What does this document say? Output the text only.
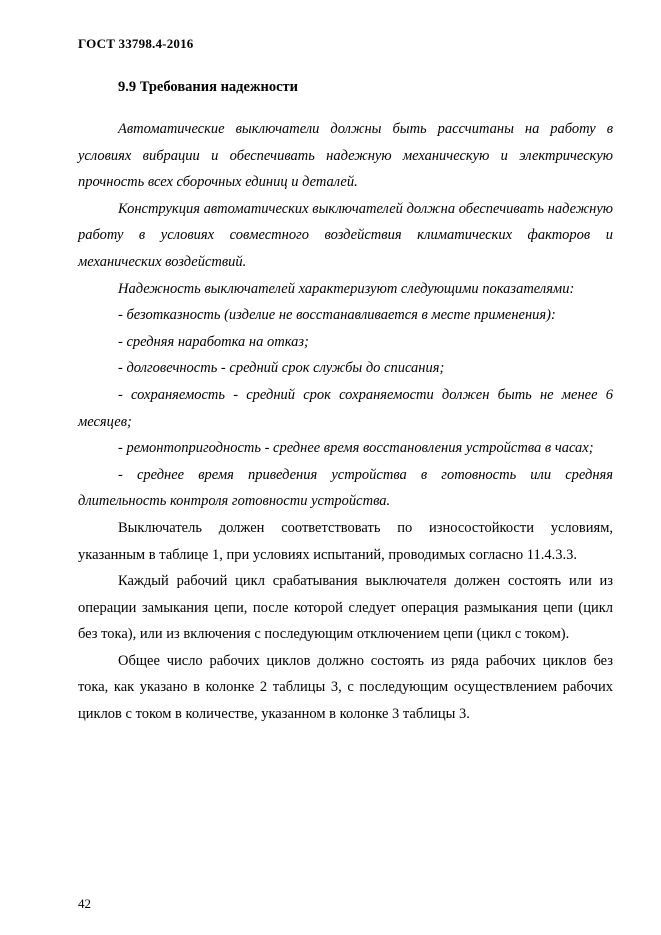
ГОСТ 33798.4-2016
9.9 Требования надежности

Автоматические выключатели должны быть рассчитаны на работу в условиях вибрации и обеспечивать надежную механическую и электрическую прочность всех сборочных единиц и деталей.

Конструкция автоматических выключателей должна обеспечивать надежную работу в условиях совместного воздействия климатических факторов и механических воздействий.

Надежность выключателей характеризуют следующими показателями:

- безотказность (изделие не восстанавливается в месте применения):

- средняя наработка на отказ;

- долговечность - средний срок службы до списания;

- сохраняемость - средний срок сохраняемости должен быть не менее 6 месяцев;

- ремонтопригодность - среднее время восстановления устройства в часах;

- среднее время приведения устройства в готовность или средняя длительность контроля готовности устройства.

Выключатель должен соответствовать по износостойкости условиям, указанным в таблице 1, при условиях испытаний, проводимых согласно 11.4.3.3.

Каждый рабочий цикл срабатывания выключателя должен состоять или из операции замыкания цепи, после которой следует операция размыкания цепи (цикл без тока), или из включения с последующим отключением цепи (цикл с током).

Общее число рабочих циклов должно состоять из ряда рабочих циклов без тока, как указано в колонке 2 таблицы 3, с последующим осуществлением рабочих циклов с током в количестве, указанном в колонке 3 таблицы 3.

42
